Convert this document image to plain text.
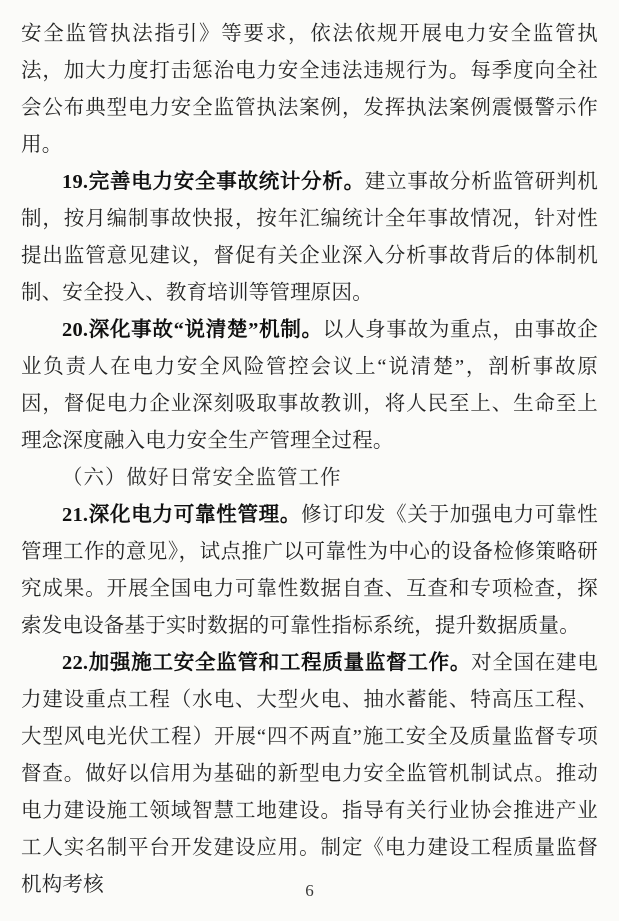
安全监管执法指引》等要求，依法依规开展电力安全监管执法，加大力度打击惩治电力安全违法违规行为。每季度向全社会公布典型电力安全监管执法案例，发挥执法案例震慑警示作用。

19.完善电力安全事故统计分析。建立事故分析监管研判机制，按月编制事故快报，按年汇编统计全年事故情况，针对性提出监管意见建议，督促有关企业深入分析事故背后的体制机制、安全投入、教育培训等管理原因。

20.深化事故“说清楚”机制。以人身事故为重点，由事故企业负责人在电力安全风险管控会议上“说清楚”，剖析事故原因，督促电力企业深刻吸取事故教训，将人民至上、生命至上理念深度融入电力安全生产管理全过程。

（六）做好日常安全监管工作

21.深化电力可靠性管理。修订印发《关于加强电力可靠性管理工作的意见》，试点推广以可靠性为中心的设备检修策略研究成果。开展全国电力可靠性数据自查、互查和专项检查，探索发电设备基于实时数据的可靠性指标系统，提升数据质量。

22.加强施工安全监管和工程质量监督工作。对全国在建电力建设重点工程（水电、大型火电、抽水蓄能、特高压工程、大型风电光伏工程）开展“四不两直”施工安全及质量监督专项督查。做好以信用为基础的新型电力安全监管机制试点。推动电力建设施工领域智慧工地建设。指导有关行业协会推进产业工人实名制平台开发建设应用。制定《电力建设工程质量监督机构考核	6
